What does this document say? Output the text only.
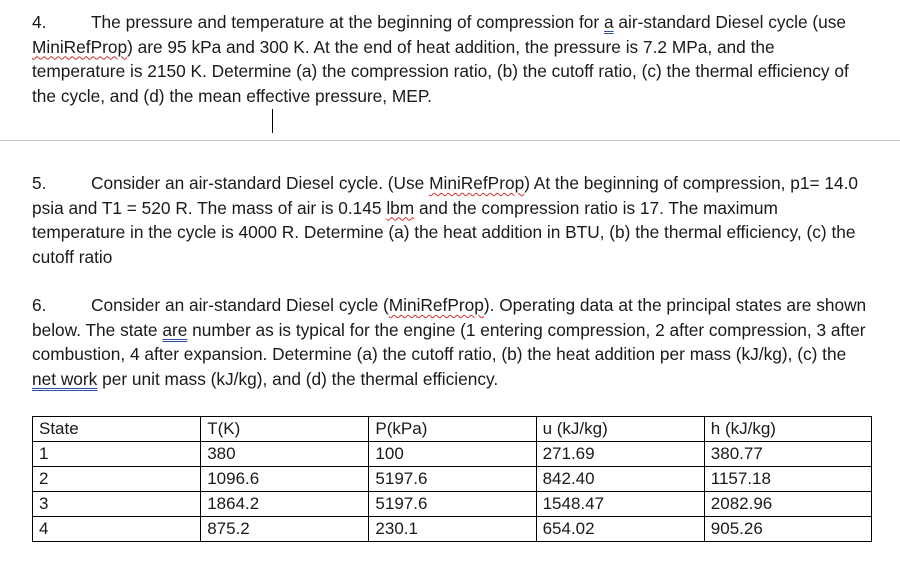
4.	The pressure and temperature at the beginning of compression for a air-standard Diesel cycle (use MiniRefProp) are 95 kPa and 300 K. At the end of heat addition, the pressure is 7.2 MPa, and the temperature is 2150 K. Determine (a) the compression ratio, (b) the cutoff ratio, (c) the thermal efficiency of the cycle, and (d) the mean effective pressure, MEP.

5.	Consider an air-standard Diesel cycle. (Use MiniRefProp) At the beginning of compression, p1= 14.0 psia and T1 = 520 R. The mass of air is 0.145 lbm and the compression ratio is 17. The maximum temperature in the cycle is 4000 R. Determine (a) the heat addition in BTU, (b) the thermal efficiency, (c) the cutoff ratio

6.	Consider an air-standard Diesel cycle (MiniRefProp). Operating data at the principal states are shown below. The state are number as is typical for the engine (1 entering compression, 2 after compression, 3 after combustion, 4 after expansion. Determine (a) the cutoff ratio, (b) the heat addition per mass (kJ/kg), (c) the net work per unit mass (kJ/kg), and (d) the thermal efficiency.

State	T(K)	P(kPa)	u (kJ/kg)	h (kJ/kg)
1	380	100	271.69	380.77
2	1096.6	5197.6	842.40	1157.18
3	1864.2	5197.6	1548.47	2082.96
4	875.2	230.1	654.02	905.26
